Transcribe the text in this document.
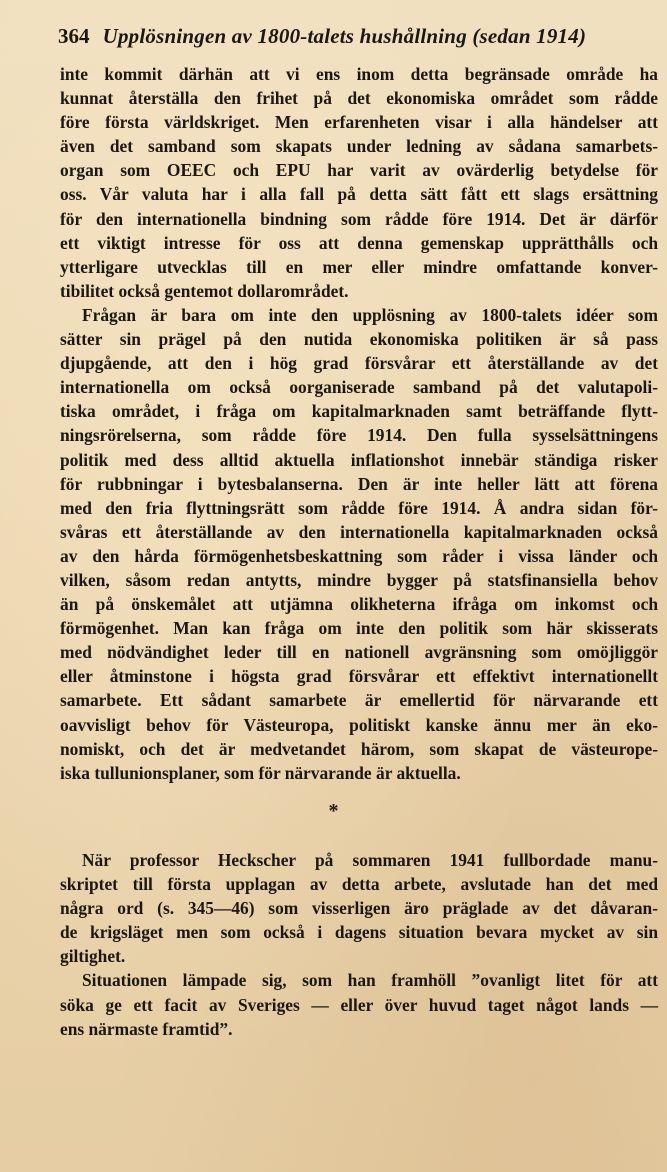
364 Upplösningen av 1800-talets hushållning (sedan 1914)
inte kommit därhän att vi ens inom detta begränsade område ha
kunnat återställa den frihet på det ekonomiska området som rådde
före första världskriget. Men erfarenheten visar i alla händelser att
även det samband som skapats under ledning av sådana samarbets-
organ som OEEC och EPU har varit av ovärderlig betydelse för
oss. Vår valuta har i alla fall på detta sätt fått ett slags ersättning
för den internationella bindning som rådde före 1914. Det är därför
ett viktigt intresse för oss att denna gemenskap upprätthålls och
ytterligare utvecklas till en mer eller mindre omfattande konver-
tibilitet också gentemot dollarområdet.
Frågan är bara om inte den upplösning av 1800-talets idéer som
sätter sin prägel på den nutida ekonomiska politiken är så pass
djupgående, att den i hög grad försvårar ett återställande av det
internationella om också oorganiserade samband på det valutapoli-
tiska området, i fråga om kapitalmarknaden samt beträffande flytt-
ningsrörelserna, som rådde före 1914. Den fulla sysselsättningens
politik med dess alltid aktuella inflationshot innebär ständiga risker
för rubbningar i bytesbalanserna. Den är inte heller lätt att förena
med den fria flyttningsrätt som rådde före 1914. Å andra sidan för-
svåras ett återställande av den internationella kapitalmarknaden också
av den hårda förmögenhetsbeskattning som råder i vissa länder och
vilken, såsom redan antytts, mindre bygger på statsfinansiella behov
än på önskemålet att utjämna olikheterna ifråga om inkomst och
förmögenhet. Man kan fråga om inte den politik som här skisserats
med nödvändighet leder till en nationell avgränsning som omöjliggör
eller åtminstone i högsta grad försvårar ett effektivt internationellt
samarbete. Ett sådant samarbete är emellertid för närvarande ett
oavvisligt behov för Västeuropa, politiskt kanske ännu mer än eko-
nomiskt, och det är medvetandet härom, som skapat de västeurope-
iska tullunionsplaner, som för närvarande är aktuella.
*
När professor Heckscher på sommaren 1941 fullbordade manu-
skriptet till första upplagan av detta arbete, avslutade han det med
några ord (s. 345—46) som visserligen äro präglade av det dåvaran-
de krigsläget men som också i dagens situation bevara mycket av sin
giltighet.
Situationen lämpade sig, som han framhöll ”ovanligt litet för att
söka ge ett facit av Sveriges — eller över huvud taget något lands —
ens närmaste framtid”.
